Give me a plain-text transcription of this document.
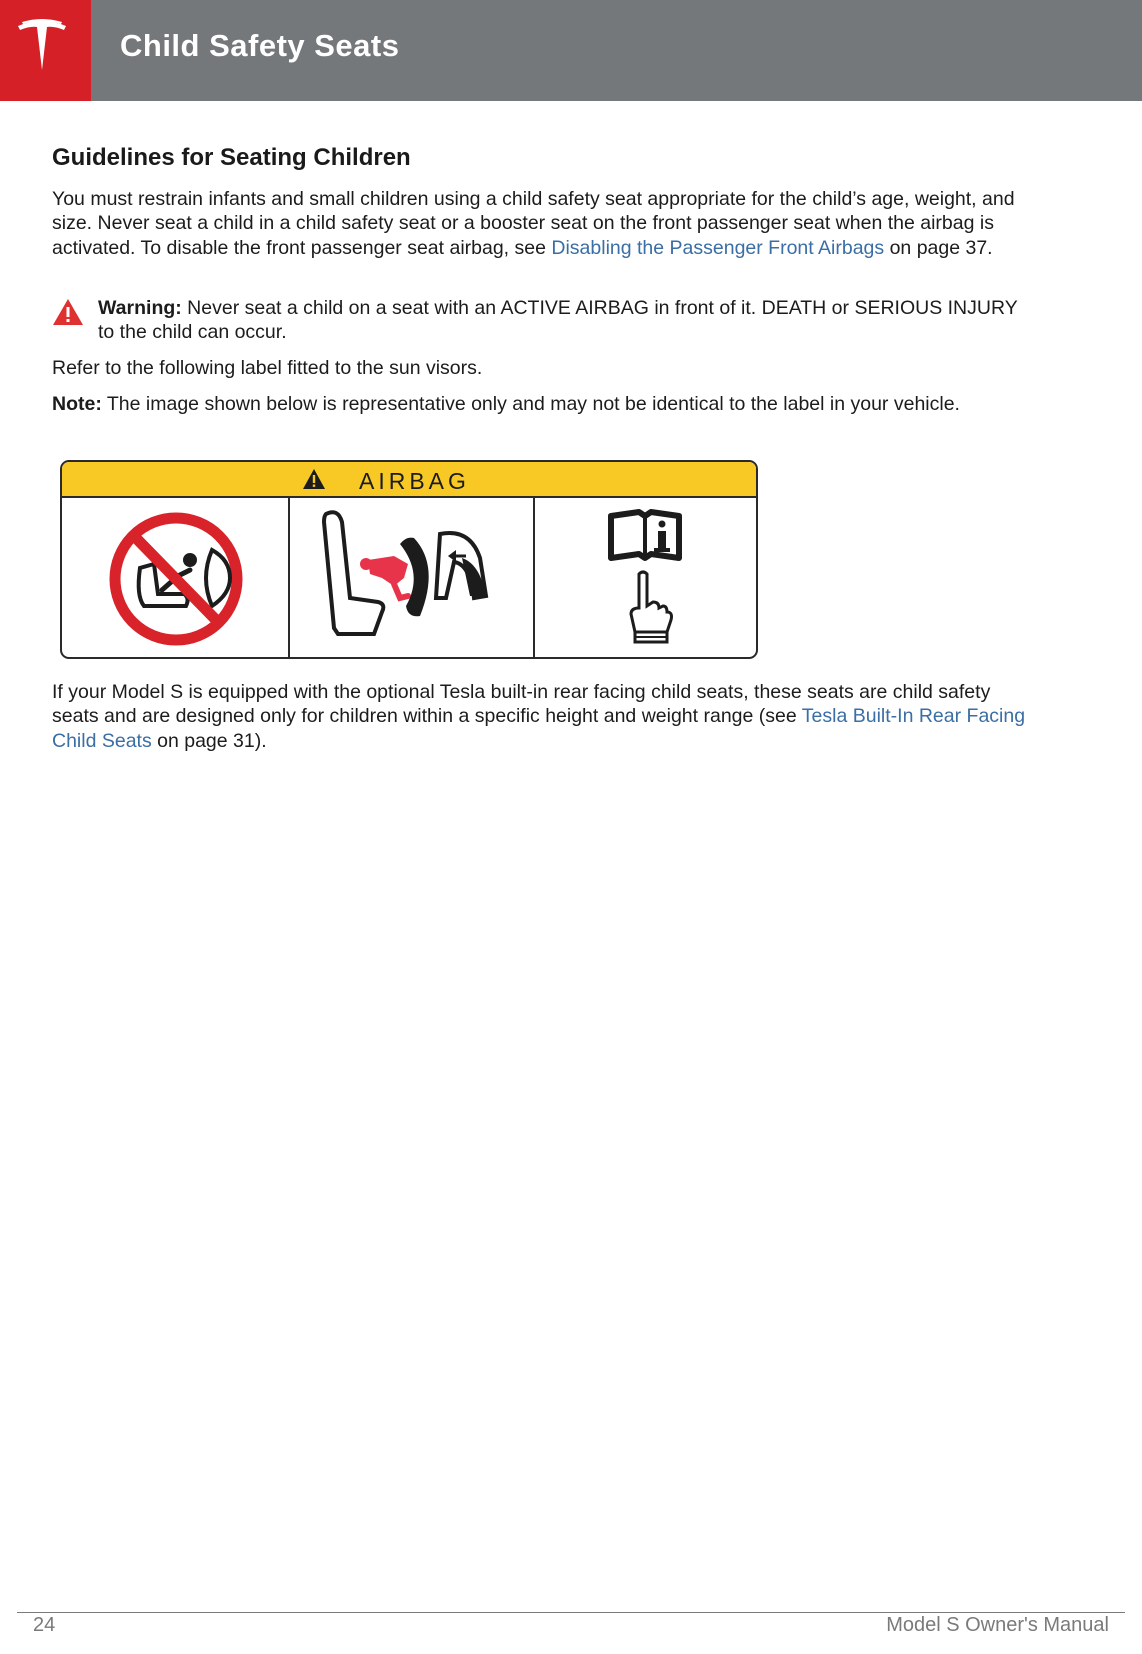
Child Safety Seats
Guidelines for Seating Children

You must restrain infants and small children using a child safety seat appropriate for the child’s age, weight, and size. Never seat a child in a child safety seat or a booster seat on the front passenger seat when the airbag is activated. To disable the front passenger seat airbag, see Disabling the Passenger Front Airbags on page 37.

Warning: Never seat a child on a seat with an ACTIVE AIRBAG in front of it. DEATH or SERIOUS INJURY to the child can occur.

Refer to the following label fitted to the sun visors.

Note: The image shown below is representative only and may not be identical to the label in your vehicle.

If your Model S is equipped with the optional Tesla built-in rear facing child seats, these seats are child safety seats and are designed only for children within a specific height and weight range (see Tesla Built-In Rear Facing Child Seats on page 31).

AIRBAG
24	Model S Owner's Manual
